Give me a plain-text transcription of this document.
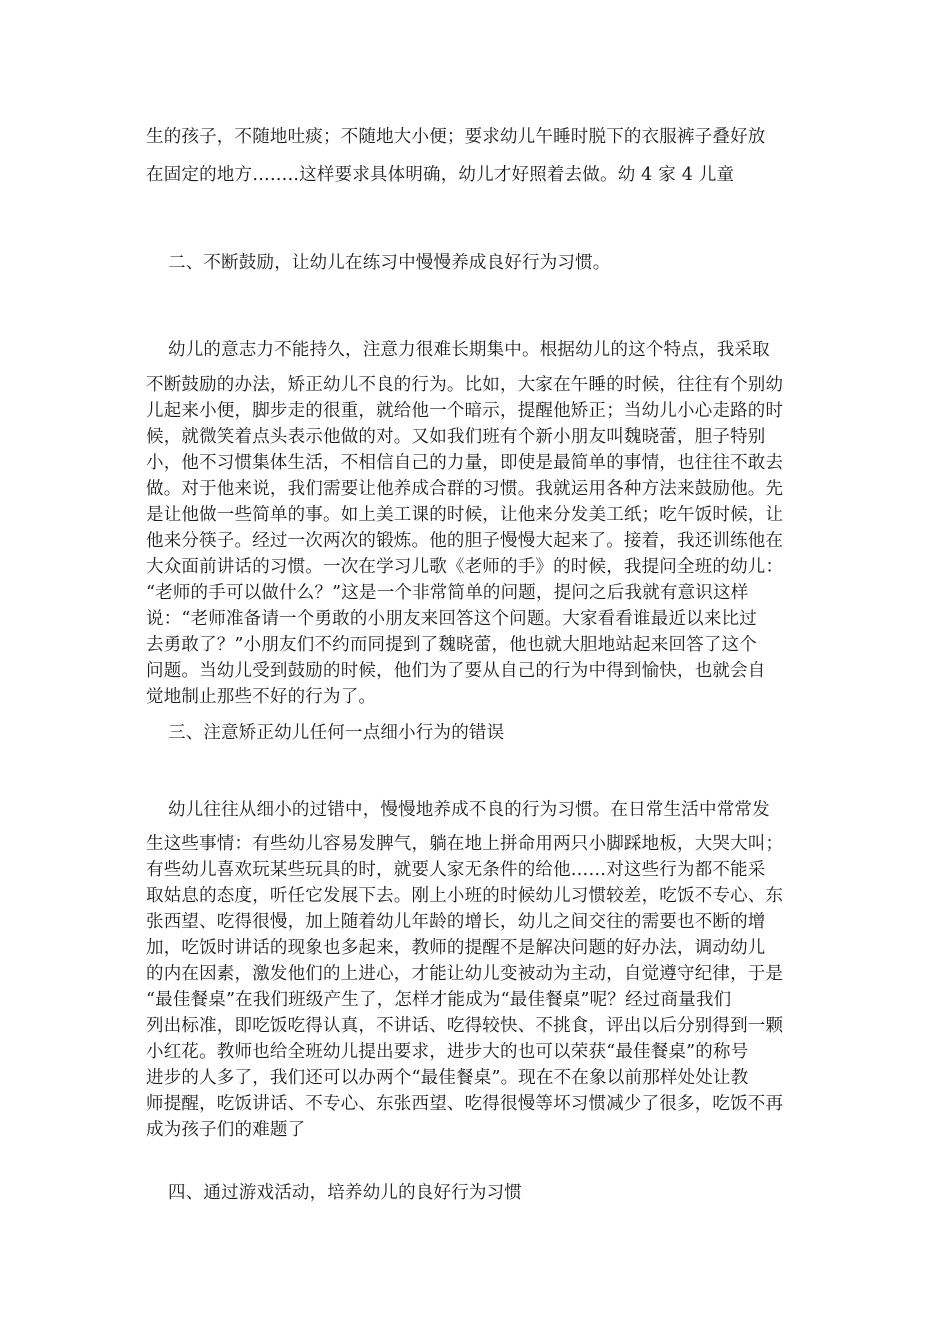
生的孩子，不随地吐痰；不随地大小便；要求幼儿午睡时脱下的衣服裤子叠好放
在固定的地方……..这样要求具体明确，幼儿才好照着去做。幼 4 家 4 儿童
二、不断鼓励，让幼儿在练习中慢慢养成良好行为习惯。
幼儿的意志力不能持久，注意力很难长期集中。根据幼儿的这个特点，我采取
不断鼓励的办法，矫正幼儿不良的行为。比如，大家在午睡的时候，往往有个别幼
儿起来小便，脚步走的很重，就给他一个暗示，提醒他矫正；当幼儿小心走路的时
候，就微笑着点头表示他做的对。又如我们班有个新小朋友叫魏晓蕾，胆子特别
小，他不习惯集体生活，不相信自己的力量，即使是最简单的事情，也往往不敢去
做。对于他来说，我们需要让他养成合群的习惯。我就运用各种方法来鼓励他。先
是让他做一些简单的事。如上美工课的时候，让他来分发美工纸；吃午饭时候，让
他来分筷子。经过一次两次的锻炼。他的胆子慢慢大起来了。接着，我还训练他在
大众面前讲话的习惯。一次在学习儿歌《老师的手》的时候，我提问全班的幼儿：
“老师的手可以做什么？”这是一个非常简单的问题，提问之后我就有意识这样
说：“老师准备请一个勇敢的小朋友来回答这个问题。大家看看谁最近以来比过
去勇敢了？”小朋友们不约而同提到了魏晓蕾，他也就大胆地站起来回答了这个
问题。当幼儿受到鼓励的时候，他们为了要从自己的行为中得到愉快，也就会自
觉地制止那些不好的行为了。
三、注意矫正幼儿任何一点细小行为的错误
幼儿往往从细小的过错中，慢慢地养成不良的行为习惯。在日常生活中常常发
生这些事情：有些幼儿容易发脾气，躺在地上拼命用两只小脚踩地板，大哭大叫；
有些幼儿喜欢玩某些玩具的时，就要人家无条件的给他……对这些行为都不能采
取姑息的态度，听任它发展下去。刚上小班的时候幼儿习惯较差，吃饭不专心、东
张西望、吃得很慢，加上随着幼儿年龄的增长，幼儿之间交往的需要也不断的增
加，吃饭时讲话的现象也多起来，教师的提醒不是解决问题的好办法，调动幼儿
的内在因素，激发他们的上进心，才能让幼儿变被动为主动，自觉遵守纪律，于是
“最佳餐桌”在我们班级产生了，怎样才能成为“最佳餐桌”呢？经过商量我们
列出标准，即吃饭吃得认真，不讲话、吃得较快、不挑食，评出以后分别得到一颗
小红花。教师也给全班幼儿提出要求，进步大的也可以荣获“最佳餐桌”的称号
进步的人多了，我们还可以办两个“最佳餐桌”。现在不在象以前那样处处让教
师提醒，吃饭讲话、不专心、东张西望、吃得很慢等坏习惯减少了很多，吃饭不再
成为孩子们的难题了
四、通过游戏活动，培养幼儿的良好行为习惯
